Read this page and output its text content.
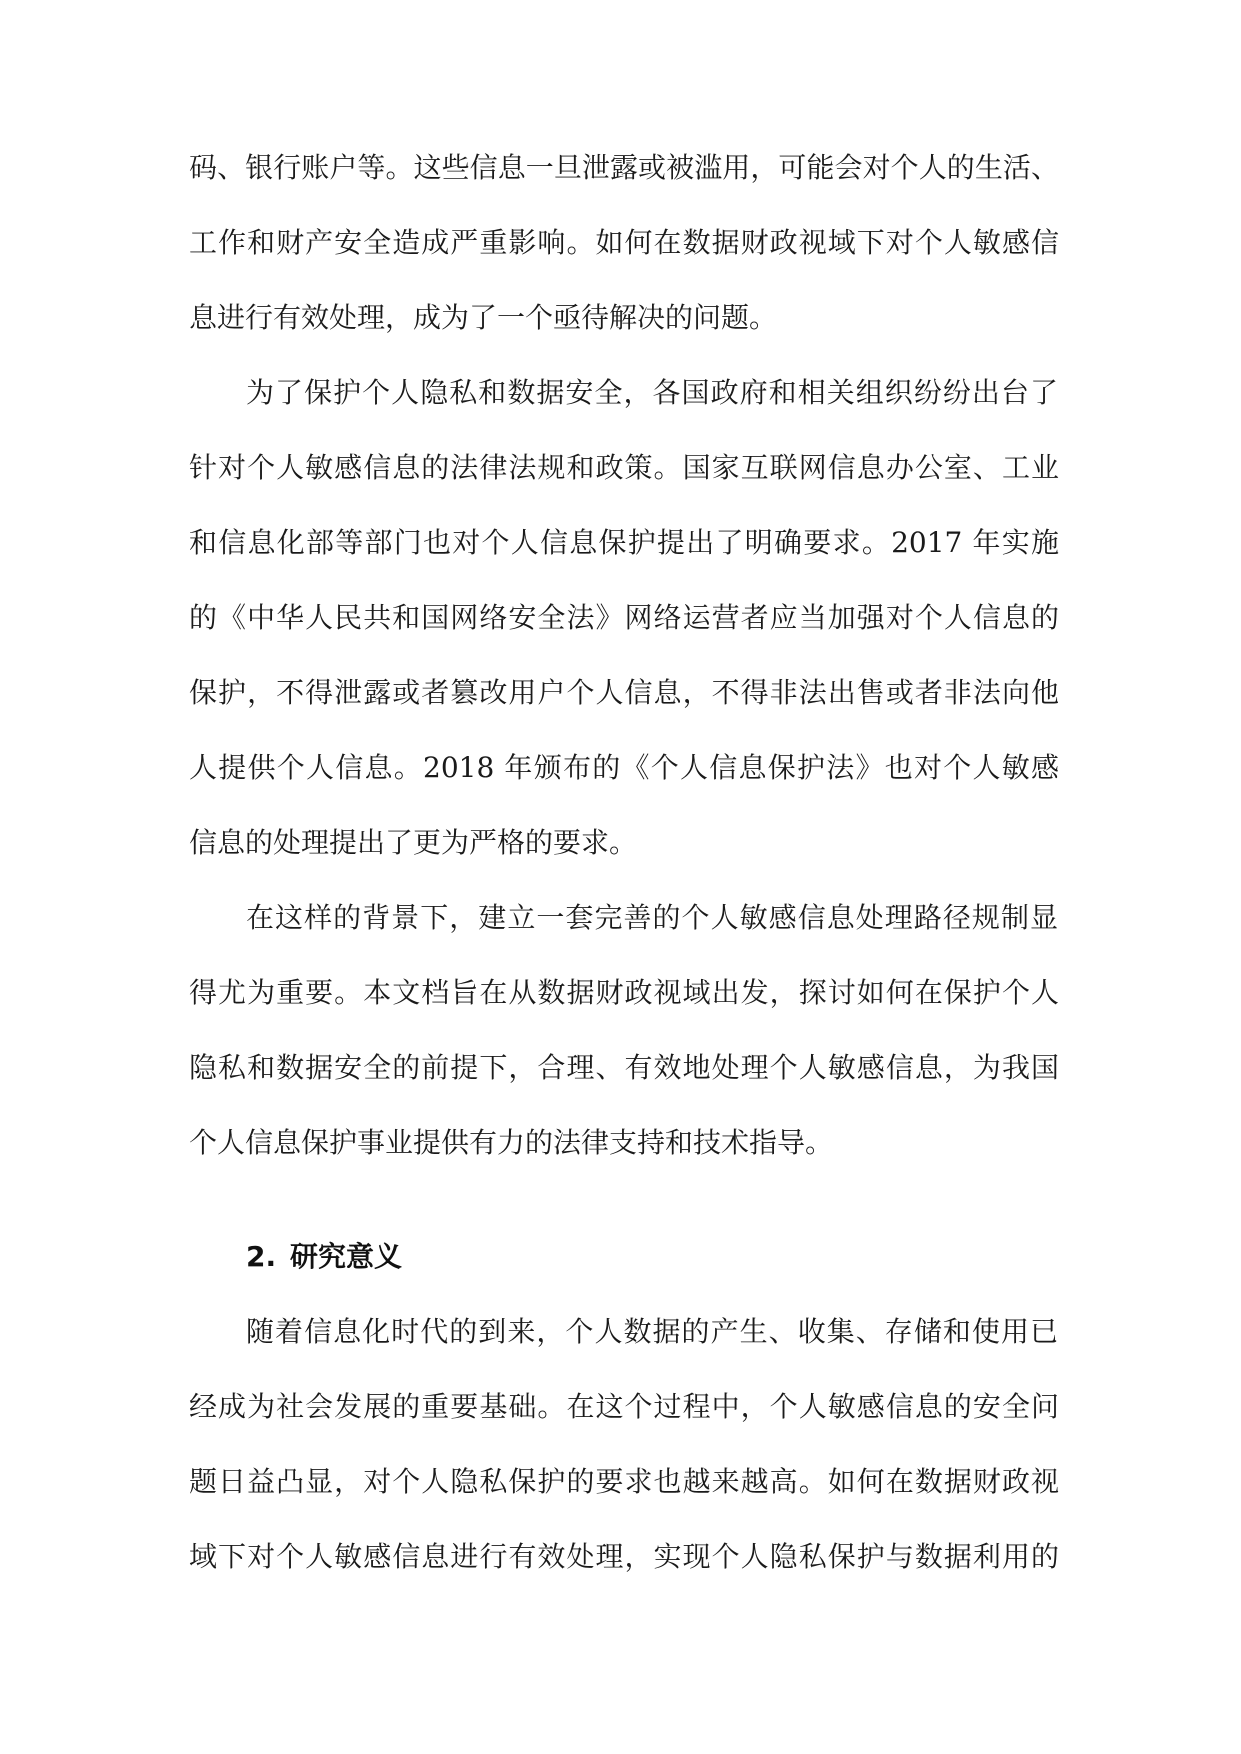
码、银行账户等。这些信息一旦泄露或被滥用，可能会对个人的生活、
工作和财产安全造成严重影响。如何在数据财政视域下对个人敏感信
息进行有效处理，成为了一个亟待解决的问题。
为了保护个人隐私和数据安全，各国政府和相关组织纷纷出台了
针对个人敏感信息的法律法规和政策。国家互联网信息办公室、工业
和信息化部等部门也对个人信息保护提出了明确要求。2017 年实施
的《中华人民共和国网络安全法》网络运营者应当加强对个人信息的
保护，不得泄露或者篡改用户个人信息，不得非法出售或者非法向他
人提供个人信息。2018 年颁布的《个人信息保护法》也对个人敏感
信息的处理提出了更为严格的要求。
在这样的背景下，建立一套完善的个人敏感信息处理路径规制显
得尤为重要。本文档旨在从数据财政视域出发，探讨如何在保护个人
隐私和数据安全的前提下，合理、有效地处理个人敏感信息，为我国
个人信息保护事业提供有力的法律支持和技术指导。
2. 研究意义
随着信息化时代的到来，个人数据的产生、收集、存储和使用已
经成为社会发展的重要基础。在这个过程中，个人敏感信息的安全问
题日益凸显，对个人隐私保护的要求也越来越高。如何在数据财政视
域下对个人敏感信息进行有效处理，实现个人隐私保护与数据利用的
